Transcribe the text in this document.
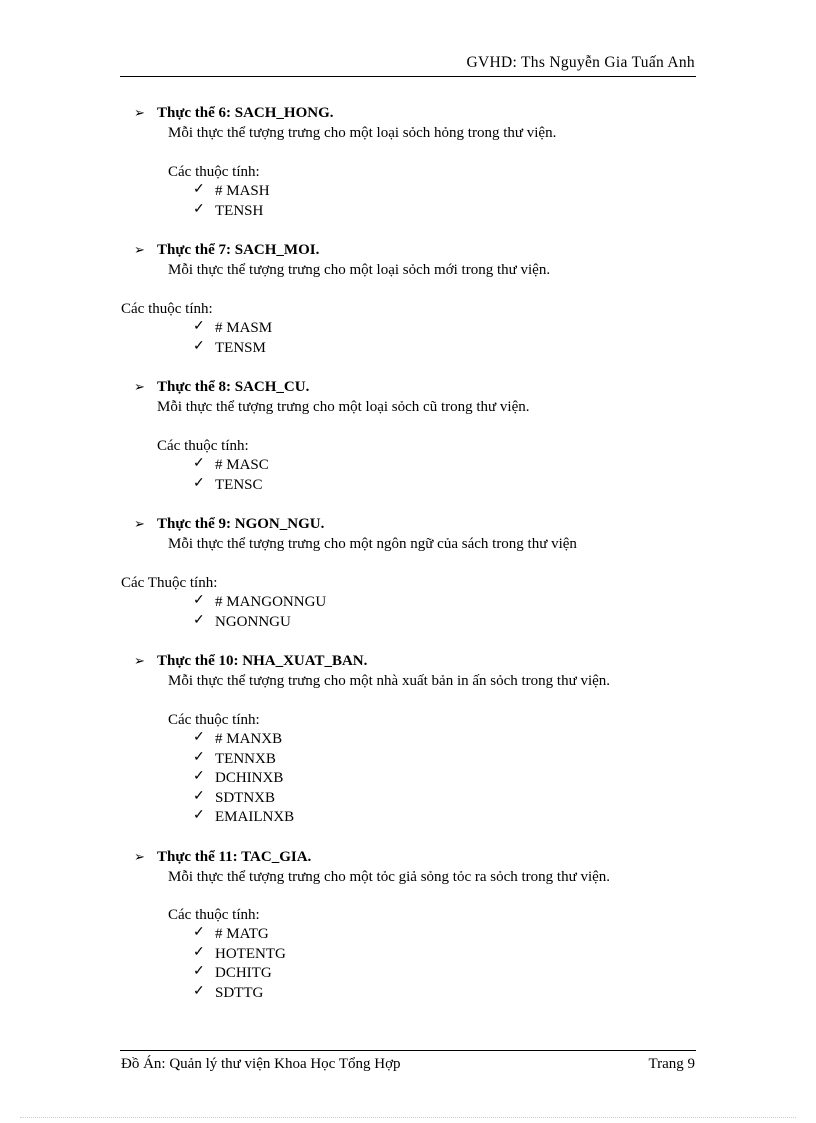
GVHD: Ths Nguyễn Gia Tuấn Anh
➢ Thực thể 6: SACH_HONG.
Mỗi thực thể tượng trưng cho một loại sỏch hỏng trong thư viện.
Các thuộc tính:
✓ # MASH
✓ TENSH
➢ Thực thể 7: SACH_MOI.
Mỗi thực thể tượng trưng cho một loại sỏch mới trong thư viện.
Các thuộc tính:
✓ # MASM
✓ TENSM
➢ Thực thể 8: SACH_CU.
Mỗi thực thể tượng trưng cho một loại sỏch cũ trong thư viện.
Các thuộc tính:
✓ # MASC
✓ TENSC
➢ Thực thể 9: NGON_NGU.
Mỗi thực thể tượng trưng cho một ngôn ngữ của sách trong thư viện
Các Thuộc tính:
✓ # MANGONNGU
✓ NGONNGU
➢ Thực thể 10: NHA_XUAT_BAN.
Mỗi thực thể tượng trưng cho một nhà xuất bản in ấn sỏch trong thư viện.
Các thuộc tính:
✓ # MANXB
✓ TENNXB
✓ DCHINXB
✓ SDTNXB
✓ EMAILNXB
➢ Thực thể 11: TAC_GIA.
Mỗi thực thể tượng trưng cho một tỏc giả sỏng tỏc ra sỏch trong thư viện.
Các thuộc tính:
✓ # MATG
✓ HOTENTG
✓ DCHITG
✓ SDTTG
Đồ Án: Quản lý thư viện Khoa Học Tổng Hợp	Trang 9
